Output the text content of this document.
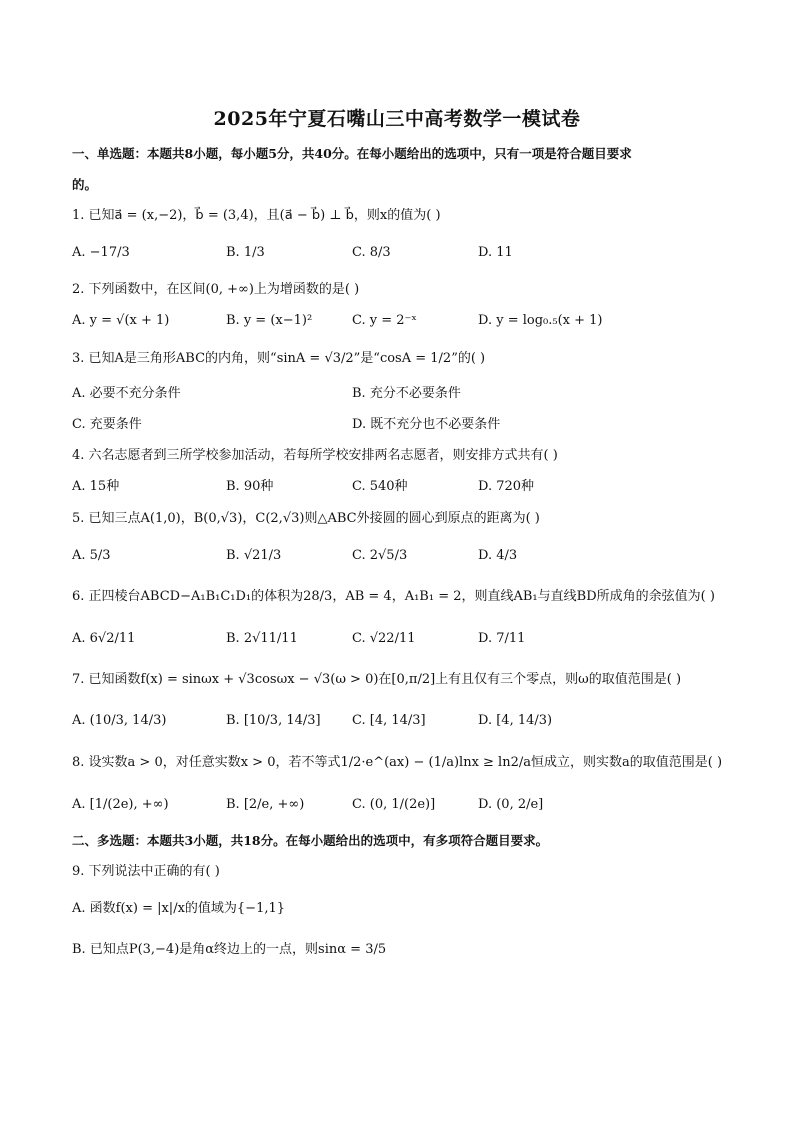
2025年宁夏石嘴山三中高考数学一模试卷
一、单选题：本题共8小题，每小题5分，共40分。在每小题给出的选项中，只有一项是符合题目要求
的。
1. 已知a⃗ = (x,−2)，b⃗ = (3,4)，且(a⃗ − b⃗) ⊥ b⃗，则x的值为( )
A. −17/3	B. 1/3	C. 8/3	D. 11
2. 下列函数中，在区间(0, +∞)上为增函数的是( )
A. y = √(x + 1)	B. y = (x−1)²	C. y = 2⁻ˣ	D. y = log₀.₅(x + 1)
3. 已知A是三角形ABC的内角，则“sinA = √3/2”是“cosA = 1/2”的( )
A. 必要不充分条件	B. 充分不必要条件
C. 充要条件	D. 既不充分也不必要条件
4. 六名志愿者到三所学校参加活动，若每所学校安排两名志愿者，则安排方式共有( )
A. 15种	B. 90种	C. 540种	D. 720种
5. 已知三点A(1,0)，B(0,√3)，C(2,√3)则△ABC外接圆的圆心到原点的距离为( )
A. 5/3	B. √21/3	C. 2√5/3	D. 4/3
6. 正四棱台ABCD−A₁B₁C₁D₁的体积为28/3，AB = 4，A₁B₁ = 2，则直线AB₁与直线BD所成角的余弦值为( )
A. 6√2/11	B. 2√11/11	C. √22/11	D. 7/11
7. 已知函数f(x) = sinωx + √3cosωx − √3(ω > 0)在[0,π/2]上有且仅有三个零点，则ω的取值范围是( )
A. (10/3, 14/3)	B. [10/3, 14/3] C. [4, 14/3]	D. [4, 14/3)
8. 设实数a > 0，对任意实数x > 0，若不等式1/2·e^(ax) − (1/a)lnx ≥ ln2/a恒成立，则实数a的取值范围是( )
A. [1/(2e), +∞)	B. [2/e, +∞)	C. (0, 1/(2e)]	D. (0, 2/e]
二、多选题：本题共3小题，共18分。在每小题给出的选项中，有多项符合题目要求。
9. 下列说法中正确的有( )
A. 函数f(x) = |x|/x的值域为{−1,1}
B. 已知点P(3,−4)是角α终边上的一点，则sinα = 3/5
